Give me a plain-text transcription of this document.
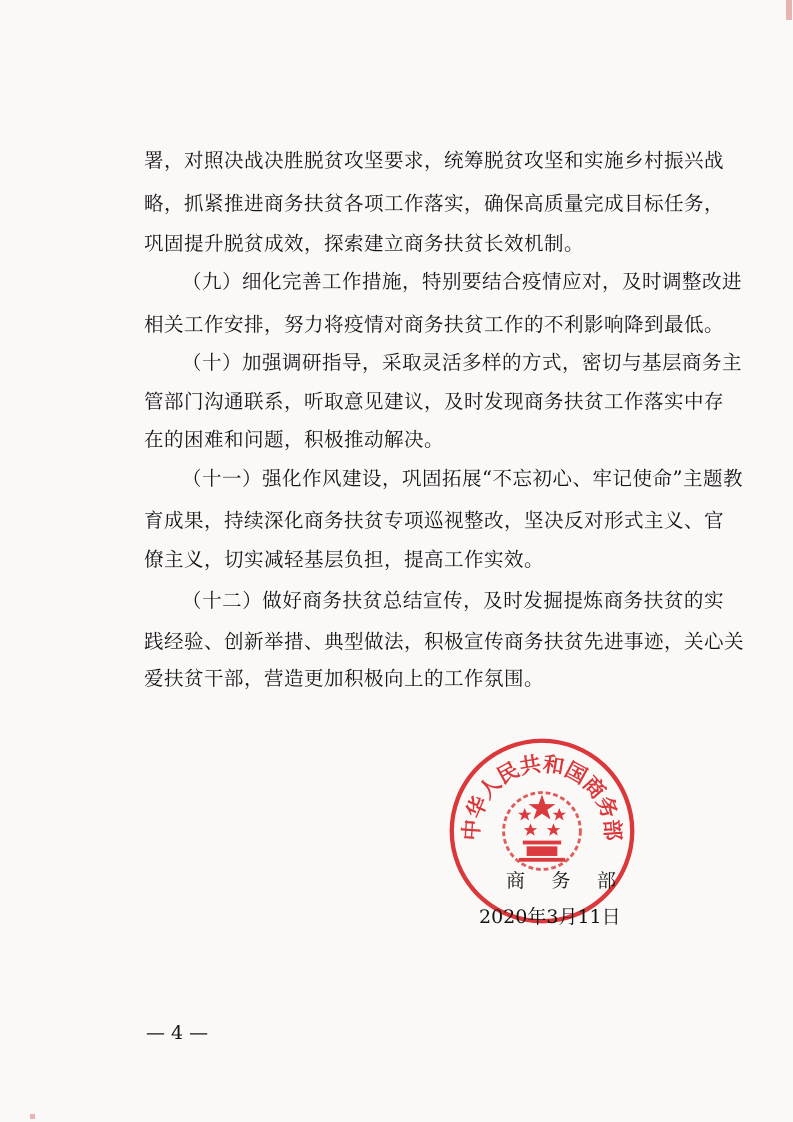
署，对照决战决胜脱贫攻坚要求，统筹脱贫攻坚和实施乡村振兴战
略，抓紧推进商务扶贫各项工作落实，确保高质量完成目标任务，
巩固提升脱贫成效，探索建立商务扶贫长效机制。
（九）细化完善工作措施，特别要结合疫情应对，及时调整改进
相关工作安排，努力将疫情对商务扶贫工作的不利影响降到最低。
（十）加强调研指导，采取灵活多样的方式，密切与基层商务主
管部门沟通联系，听取意见建议，及时发现商务扶贫工作落实中存
在的困难和问题，积极推动解决。
（十一）强化作风建设，巩固拓展“不忘初心、牢记使命”主题教
育成果，持续深化商务扶贫专项巡视整改，坚决反对形式主义、官
僚主义，切实减轻基层负担，提高工作实效。
（十二）做好商务扶贫总结宣传，及时发掘提炼商务扶贫的实
践经验、创新举措、典型做法，积极宣传商务扶贫先进事迹，关心关
爱扶贫干部，营造更加积极向上的工作氛围。
中华人民共和国商务部
商务部
2020年3月11日
— 4 —
